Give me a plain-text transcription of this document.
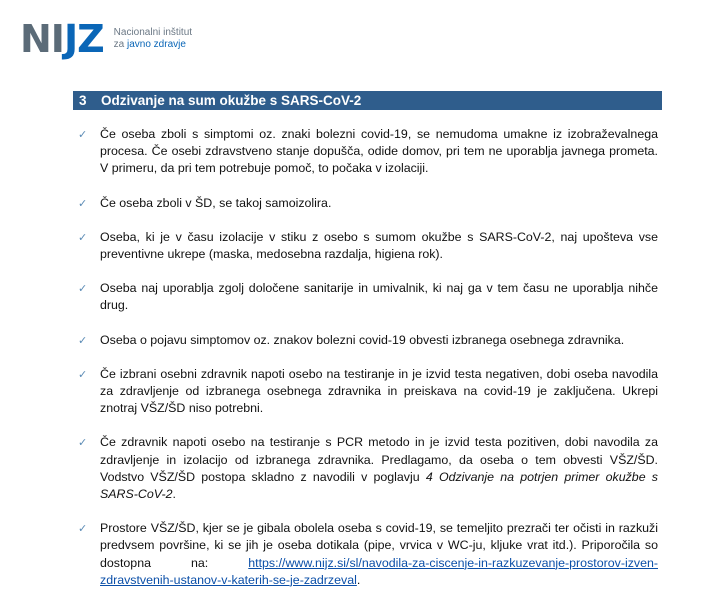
NIJZ Nacionalni inštitut
za javno zdravje
3 Odzivanje na sum okužbe s SARS-CoV-2
✓ Če oseba zboli s simptomi oz. znaki bolezni covid-19, se nemudoma umakne iz izobraževalnega procesa. Če osebi zdravstveno stanje dopušča, odide domov, pri tem ne uporablja javnega prometa. V primeru, da pri tem potrebuje pomoč, to počaka v izolaciji.
✓ Če oseba zboli v ŠD, se takoj samoizolira.
✓ Oseba, ki je v času izolacije v stiku z osebo s sumom okužbe s SARS-CoV-2, naj upošteva vse preventivne ukrepe (maska, medosebna razdalja, higiena rok).
✓ Oseba naj uporablja zgolj določene sanitarije in umivalnik, ki naj ga v tem času ne uporablja nihče drug.
✓ Oseba o pojavu simptomov oz. znakov bolezni covid-19 obvesti izbranega osebnega zdravnika.
✓ Če izbrani osebni zdravnik napoti osebo na testiranje in je izvid testa negativen, dobi oseba navodila za zdravljenje od izbranega osebnega zdravnika in preiskava na covid-19 je zaključena. Ukrepi znotraj VŠZ/ŠD niso potrebni.
✓ Če zdravnik napoti osebo na testiranje s PCR metodo in je izvid testa pozitiven, dobi navodila za zdravljenje in izolacijo od izbranega zdravnika. Predlagamo, da oseba o tem obvesti VŠZ/ŠD. Vodstvo VŠZ/ŠD postopa skladno z navodili v poglavju 4 Odzivanje na potrjen primer okužbe s SARS-CoV-2.
✓ Prostore VŠZ/ŠD, kjer se je gibala obolela oseba s covid-19, se temeljito prezrači ter očisti in razkuži predvsem površine, ki se jih je oseba dotikala (pipe, vrvica v WC-ju, kljuke vrat itd.). Priporočila so dostopna na: https://www.nijz.si/sl/navodila-za-ciscenje-in-razkuzevanje-prostorov-izven-zdravstvenih-ustanov-v-katerih-se-je-zadrzeval.
